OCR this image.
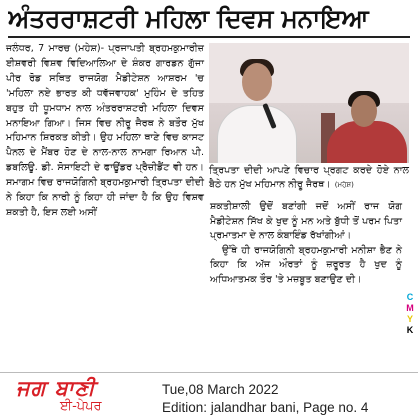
ਅੰਤਰਰਾਸ਼ਟਰੀ ਮਹਿਲਾ ਦਿਵਸ ਮਨਾਇਆ

ਜਲੰਧਰ, 7 ਮਾਰਚ (ਮਹੇਸ਼)- ਪ੍ਰਜਾਪਤੀ ਬ੍ਰਹਮਕੁਮਾਰੀਜ਼ ਈਸ਼ਵਰੀ ਵਿਸ਼ਵ ਵਿਦਿਆਲਿਆ ਦੇ ਸ਼ੰਕਰ ਗਾਰਡਨ ਗੁੱਜਾ ਪੀਰ ਰੋਡ ਸਥਿਤ ਰਾਜਯੋਗ ਮੈਡੀਟੇਸ਼ਨ ਆਸ਼ਰਮ 'ਚ 'ਮਹਿਲਾ ਨਏ ਭਾਰਤ ਕੀ ਧਵੱਜਵਾਹਕ' ਮੁਹਿੰਮ ਦੇ ਤਹਿਤ ਬਹੁਤ ਹੀ ਧੂਮਧਾਮ ਨਾਲ ਅੰਤਰਰਾਸ਼ਟਰੀ ਮਹਿਲਾ ਦਿਵਸ ਮਨਾਇਆ ਗਿਆ। ਜਿਸ ਵਿਚ ਨੀਰੂ ਜੈਰਥ ਨੇ ਬਤੌਰ ਮੁੱਖ ਮਹਿਮਾਨ ਸ਼ਿਰਕਤ ਕੀਤੀ। ਉਹ ਮਹਿਲਾ ਥਾਣੇ ਵਿਚ ਕਾਸਟ ਪੈਨਲ ਦੇ ਮੈਂਬਰ ਹੋਣ ਦੇ ਨਾਲ-ਨਾਲ ਨਾਮਗਾ ਰਿਆਨ ਪੀ. ਡਬਲਿਊ. ਡੀ. ਸੋਸਾਇਟੀ ਦੇ ਫਾਊਂਡਰ ਪ੍ਰੈਜ਼ੀਡੈਂਟ ਵੀ ਹਨ। ਸਮਾਗਮ ਵਿਚ ਰਾਜਯੋਗਿਨੀ ਬ੍ਰਹਮਕੁਮਾਰੀ ਤ੍ਰਿਪਤਾ ਦੀਦੀ ਨੇ ਕਿਹਾ ਕਿ ਨਾਰੀ ਨੂੰ ਕਿਹਾ ਹੀ ਜਾਂਦਾ ਹੈ ਕਿ ਉਹ ਵਿਸ਼ਵ ਸ਼ਕਤੀ ਹੈ, ਇਸ ਲਈ ਅਸੀਂ

ਤ੍ਰਿਪਤਾ ਦੀਦੀ ਆਪਣੇ ਵਿਚਾਰ ਪ੍ਰਗਟ ਕਰਦੇ ਹੋਏ ਨਾਲ ਬੈਠੇ ਹਨ ਮੁੱਖ ਮਹਿਮਾਨ ਨੀਰੂ ਜੈਰਥ। (ਮਹੇਸ਼)

ਸ਼ਕਤੀਸ਼ਾਲੀ ਉਦੋਂ ਬਣਾਂਗੀ ਜਦੋਂ ਅਸੀਂ ਰਾਜ ਯੋਗ ਮੈਡੀਟੇਸ਼ਨ ਸਿੱਖ ਕੇ ਖੁਦ ਨੂੰ ਮਨ ਅਤੇ ਬੁੱਧੀ ਤੋਂ ਪਰਮ ਪਿਤਾ ਪ੍ਰਮਾਤਮਾ ਦੇ ਨਾਲ ਕੰਬਾਇੰਡ ਰੱਖਾਂਗੀਆਂ।

ਉੱਥੇ ਹੀ ਰਾਜਯੋਗਿਨੀ ਬ੍ਰਹਮਕੁਮਾਰੀ ਮਨੀਸ਼ਾ ਭੈਣ ਨੇ ਕਿਹਾ ਕਿ ਅੱਜ ਔਰਤਾਂ ਨੂੰ ਜ਼ਰੂਰਤ ਹੈ ਖੁਦ ਨੂੰ ਅਧਿਆਤਮਕ ਤੌਰ 'ਤੇ ਮਜ਼ਬੂਤ ਬਣਾਉਣ ਦੀ।

C
M
Y
K
ਜਗ ਬਾਣੀ
ਈ-ਪੇਪਰ
Tue,08 March 2022
Edition: jalandhar bani, Page no. 4
